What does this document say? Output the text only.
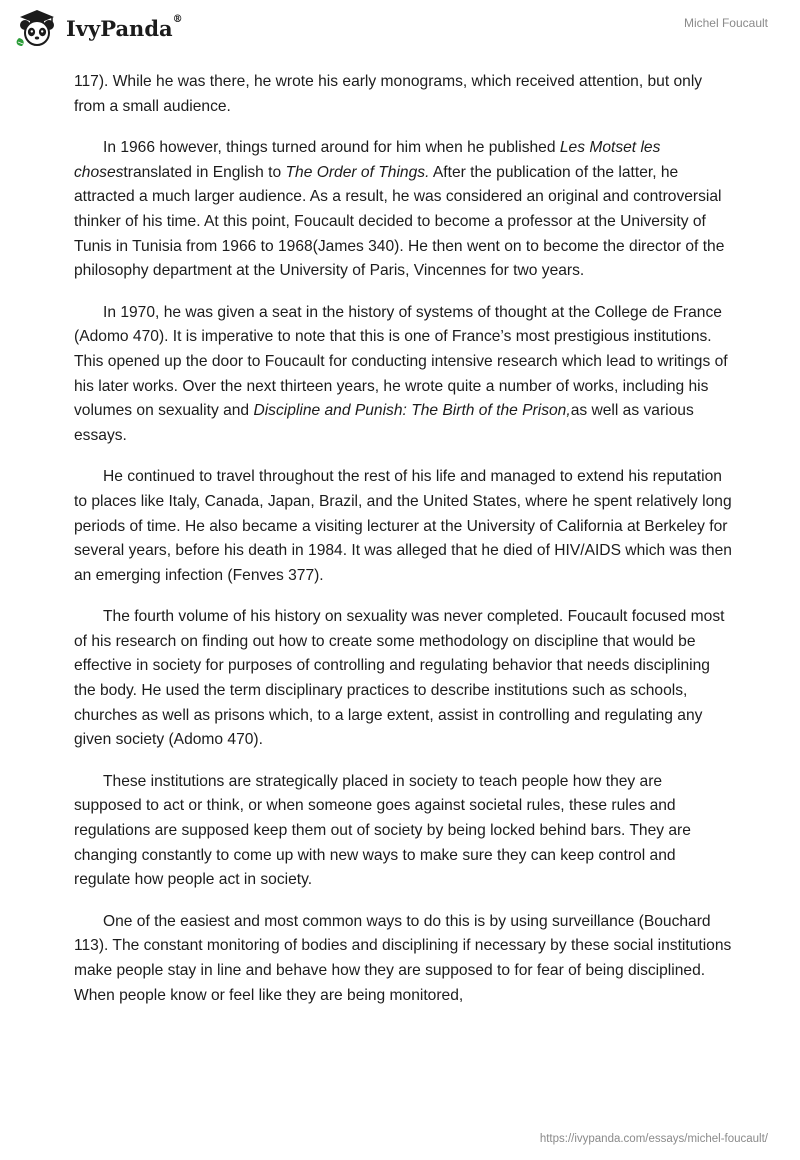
IvyPanda®	Michel Foucault

117). While he was there, he wrote his early monograms, which received attention, but only from a small audience.

In 1966 however, things turned around for him when he published Les Motset les chosestranslated in English to The Order of Things. After the publication of the latter, he attracted a much larger audience. As a result, he was considered an original and controversial thinker of his time. At this point, Foucault decided to become a professor at the University of Tunis in Tunisia from 1966 to 1968(James 340). He then went on to become the director of the philosophy department at the University of Paris, Vincennes for two years.

In 1970, he was given a seat in the history of systems of thought at the College de France (Adomo 470). It is imperative to note that this is one of France’s most prestigious institutions. This opened up the door to Foucault for conducting intensive research which lead to writings of his later works. Over the next thirteen years, he wrote quite a number of works, including his volumes on sexuality and Discipline and Punish: The Birth of the Prison,as well as various essays.

He continued to travel throughout the rest of his life and managed to extend his reputation to places like Italy, Canada, Japan, Brazil, and the United States, where he spent relatively long periods of time. He also became a visiting lecturer at the University of California at Berkeley for several years, before his death in 1984. It was alleged that he died of HIV/AIDS which was then an emerging infection (Fenves 377).

The fourth volume of his history on sexuality was never completed. Foucault focused most of his research on finding out how to create some methodology on discipline that would be effective in society for purposes of controlling and regulating behavior that needs disciplining the body. He used the term disciplinary practices to describe institutions such as schools, churches as well as prisons which, to a large extent, assist in controlling and regulating any given society (Adomo 470).

These institutions are strategically placed in society to teach people how they are supposed to act or think, or when someone goes against societal rules, these rules and regulations are supposed keep them out of society by being locked behind bars. They are changing constantly to come up with new ways to make sure they can keep control and regulate how people act in society.

One of the easiest and most common ways to do this is by using surveillance (Bouchard 113). The constant monitoring of bodies and disciplining if necessary by these social institutions make people stay in line and behave how they are supposed to for fear of being disciplined. When people know or feel like they are being monitored,

https://ivypanda.com/essays/michel-foucault/
